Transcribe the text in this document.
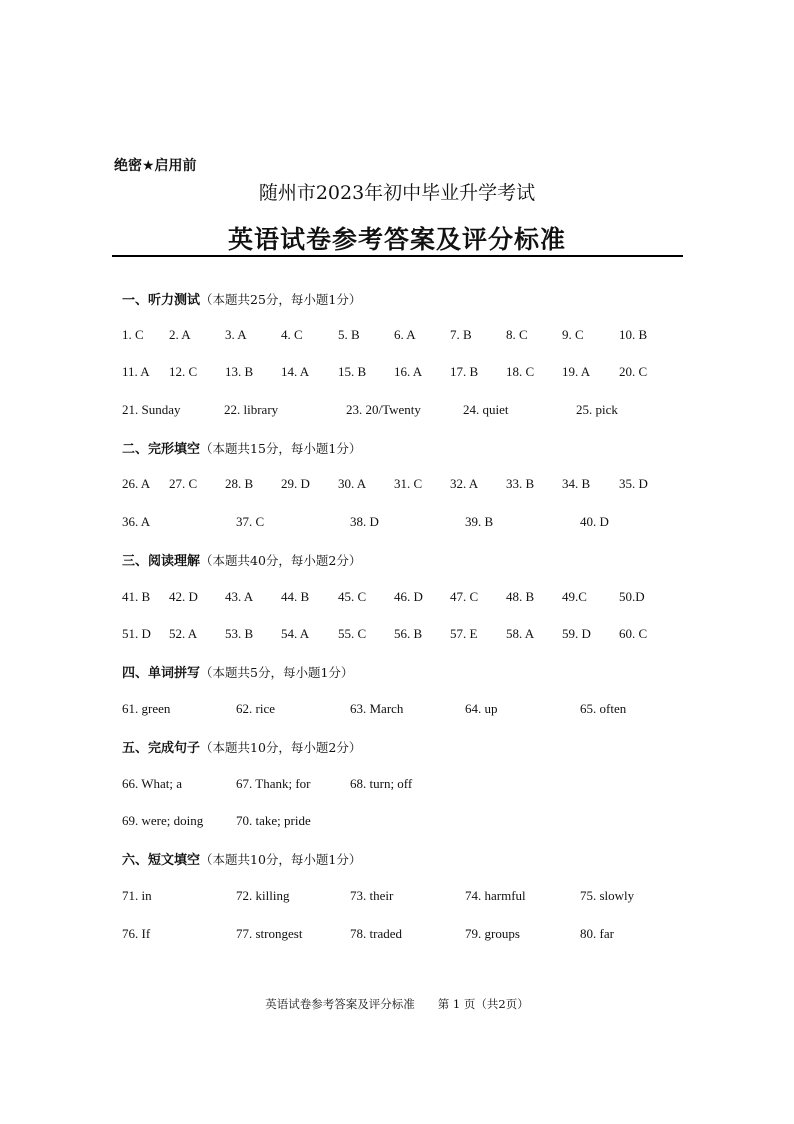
绝密★启用前
随州市2023年初中毕业升学考试
英语试卷参考答案及评分标准
一、听力测试（本题共25分，每小题1分）
1. C 2. A	3. A	4. C	5. B	6. A	7. B	8. C	9. C	10. B
11. A 12. C 13. B 14. A 15. B 16. A 17. B 18. C 19. A 20. C
21. Sunday	22. library	23. 20/Twenty	24. quiet	25. pick
二、完形填空（本题共15分，每小题1分）
26. A 27. C 28. B 29. D 30. A 31. C 32. A 33. B 34. B 35. D
36. A	37. C	38. D	39. B	40. D
三、阅读理解（本题共40分，每小题2分）
41. B 42. D 43. A 44. B 45. C 46. D 47. C 48. B 49.C 50.D
51. D 52. A 53. B 54. A 55. C 56. B 57. E 58. A 59. D 60. C
四、单词拼写（本题共5分，每小题1分）
61. green	62. rice	63. March	64. up	65. often
五、完成句子（本题共10分，每小题2分）
66. What; a	67. Thank; for	68. turn; off
69. were; doing	70. take; pride
六、短文填空（本题共10分，每小题1分）
71. in	72. killing	73. their	74. harmful	75. slowly
76. If	77. strongest	78. traded	79. groups	80. far
英语试卷参考答案及评分标准　　第 1 页（共2页）
